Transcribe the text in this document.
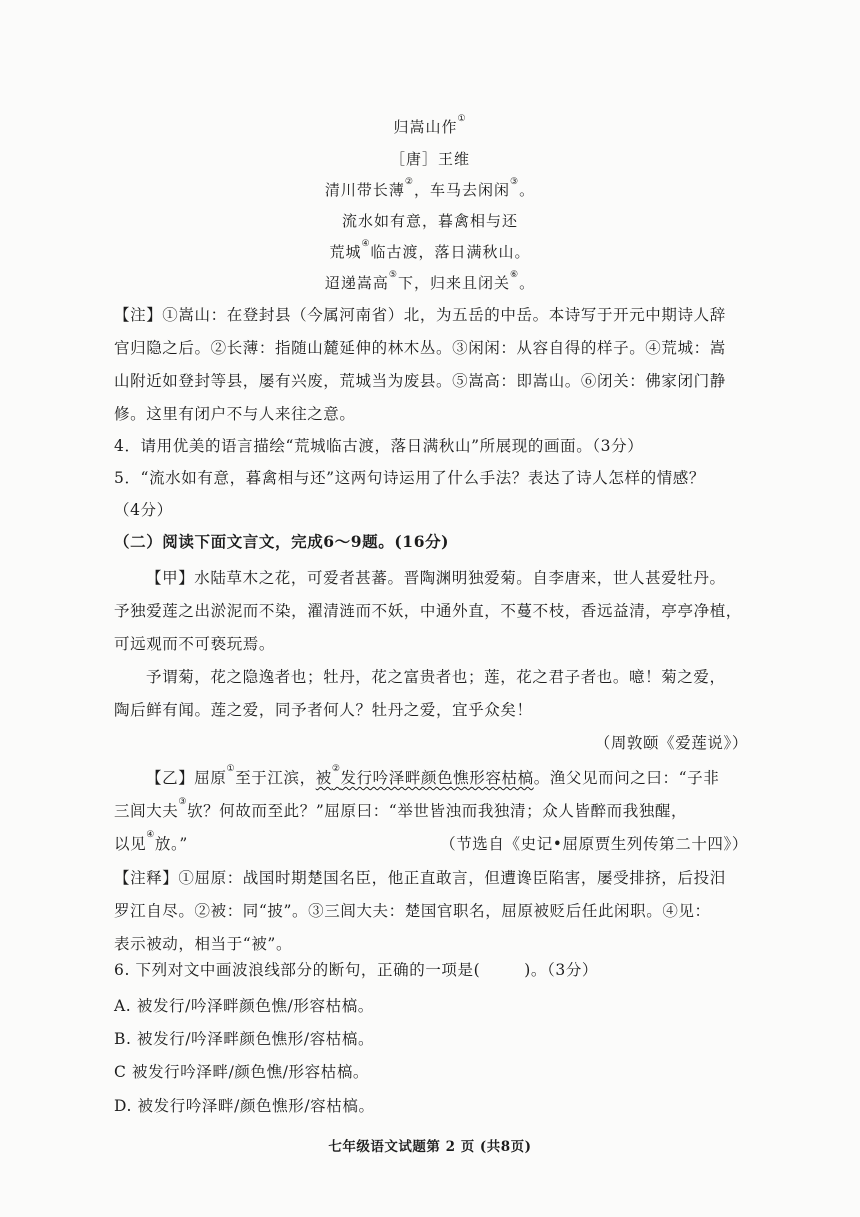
归嵩山作①
［唐］王维
清川带长薄②，车马去闲闲③。
流水如有意，暮禽相与还
荒城④临古渡，落日满秋山。
迢递嵩高⑤下，归来且闭关⑥。
【注】①嵩山：在登封县（今属河南省）北，为五岳的中岳。本诗写于开元中期诗人辞
官归隐之后。②长薄：指随山麓延伸的林木丛。③闲闲：从容自得的样子。④荒城：嵩
山附近如登封等县，屡有兴废，荒城当为废县。⑤嵩高：即嵩山。⑥闭关：佛家闭门静
修。这里有闭户不与人来往之意。
4．请用优美的语言描绘“荒城临古渡，落日满秋山”所展现的画面。（3分）
5．“流水如有意，暮禽相与还”这两句诗运用了什么手法？表达了诗人怎样的情感？
（4分）
（二）阅读下面文言文，完成6～9题。(16分)
【甲】水陆草木之花，可爱者甚蕃。晋陶渊明独爱菊。自李唐来，世人甚爱牡丹。
予独爱莲之出淤泥而不染，濯清涟而不妖，中通外直，不蔓不枝，香远益清，亭亭净植，
可远观而不可亵玩焉。
予谓菊，花之隐逸者也；牡丹，花之富贵者也；莲，花之君子者也。噫！菊之爱，
陶后鲜有闻。莲之爱，同予者何人？牡丹之爱，宜乎众矣！
（周敦颐《爱莲说》）
【乙】屈原①至于江滨，被②发行吟泽畔颜色憔形容枯槁。渔父见而问之曰：“子非
三闾大夫③欤？何故而至此？”屈原曰：“举世皆浊而我独清；众人皆醉而我独醒，
以见④放。”	（节选自《史记•屈原贾生列传第二十四》）
【注释】①屈原：战国时期楚国名臣，他正直敢言，但遭谗臣陷害，屡受排挤，后投汨
罗江自尽。②被：同“披”。③三闾大夫：楚国官职名，屈原被贬后任此闲职。④见：
表示被动，相当于“被”。
6. 下列对文中画波浪线部分的断句，正确的一项是(	)。（3分）
A. 被发行/吟泽畔颜色憔/形容枯槁。
B. 被发行/吟泽畔颜色憔形/容枯槁。
C 被发行吟泽畔/颜色憔/形容枯槁。
D. 被发行吟泽畔/颜色憔形/容枯槁。
七年级语文试题第 2 页 (共8页)
